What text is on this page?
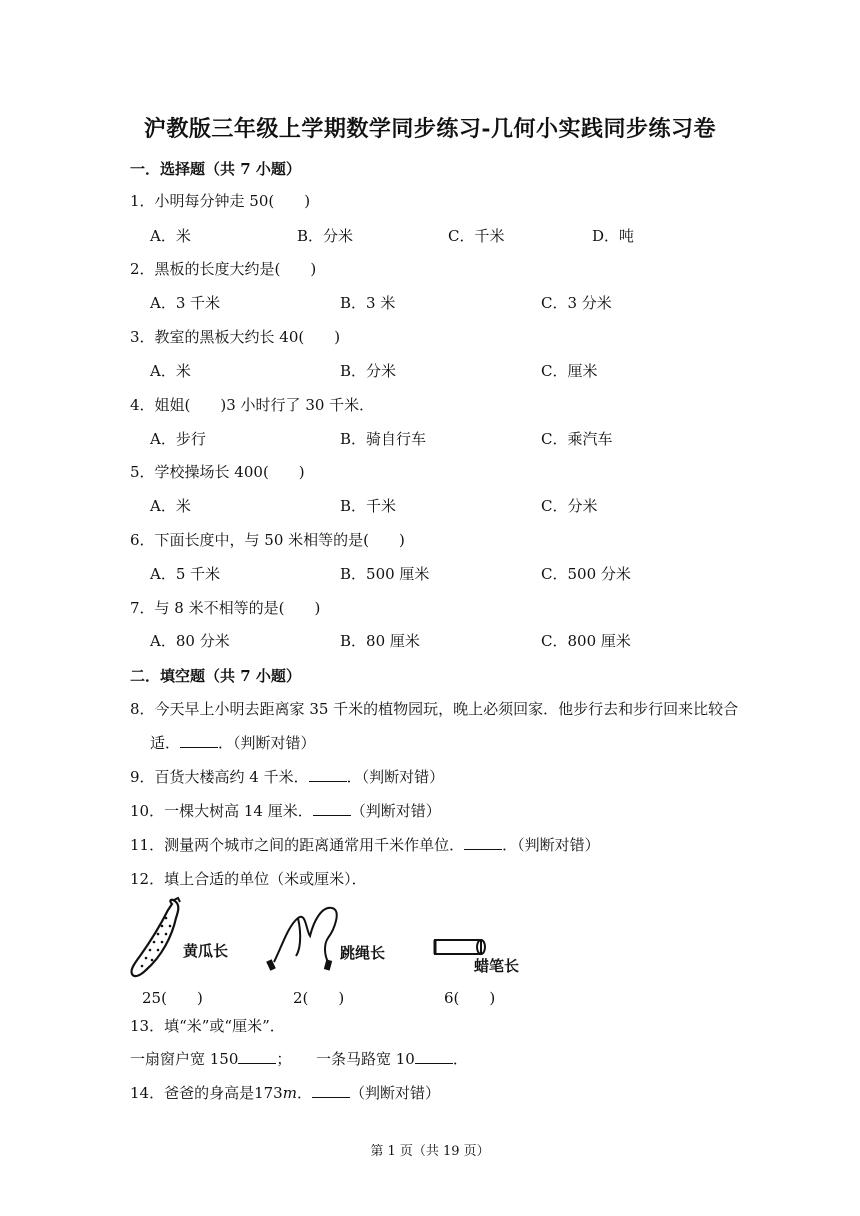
沪教版三年级上学期数学同步练习-几何小实践同步练习卷
一．选择题（共 7 小题）
1．小明每分钟走 50(　　)
A．米	B．分米	C．千米	D．吨
2．黑板的长度大约是(　　)
A．3 千米	B．3 米	C．3 分米
3．教室的黑板大约长 40(　　)
A．米	B．分米	C．厘米
4．姐姐(　　)3 小时行了 30 千米．
A．步行	B．骑自行车	C．乘汽车
5．学校操场长 400(　　)
A．米	B．千米	C．分米
6．下面长度中，与 50 米相等的是(　　)
A．5 千米	B．500 厘米	C．500 分米
7．与 8 米不相等的是(　　)
A．80 分米	B．80 厘米	C．800 厘米
二．填空题（共 7 小题）
8．今天早上小明去距离家 35 千米的植物园玩，晚上必须回家．他步行去和步行回来比较合
适．	．（判断对错）
9．百货大楼高约 4 千米．	．（判断对错）
10．一棵大树高 14 厘米．	（判断对错）
11．测量两个城市之间的距离通常用千米作单位．	．（判断对错）
12．填上合适的单位（米或厘米）．
黄瓜长	跳绳长
蜡笔长
25(　　)	2(　　)	6(　　)
13．填“米”或“厘米”．
一扇窗户宽 150	； 一条马路宽 10	．
14．爸爸的身高是173m．	（判断对错）
第 1 页（共 19 页）
